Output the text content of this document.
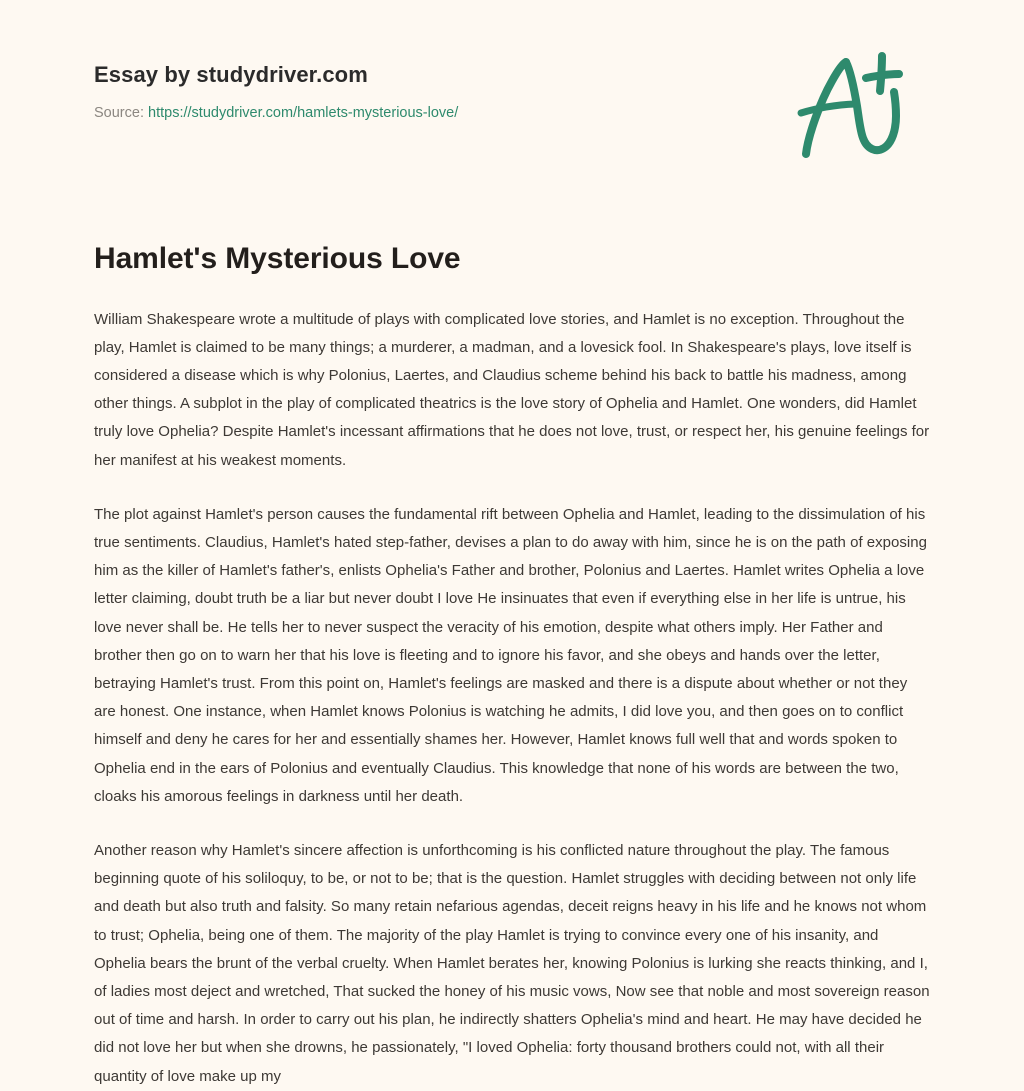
Essay by studydriver.com
Source: https://studydriver.com/hamlets-mysterious-love/
Hamlet's Mysterious Love

William Shakespeare wrote a multitude of plays with complicated love stories, and Hamlet is no exception. Throughout the play, Hamlet is claimed to be many things; a murderer, a madman, and a lovesick fool. In Shakespeare's plays, love itself is considered a disease which is why Polonius, Laertes, and Claudius scheme behind his back to battle his madness, among other things. A subplot in the play of complicated theatrics is the love story of Ophelia and Hamlet. One wonders, did Hamlet truly love Ophelia? Despite Hamlet's incessant affirmations that he does not love, trust, or respect her, his genuine feelings for her manifest at his weakest moments.

The plot against Hamlet's person causes the fundamental rift between Ophelia and Hamlet, leading to the dissimulation of his true sentiments. Claudius, Hamlet's hated step-father, devises a plan to do away with him, since he is on the path of exposing him as the killer of Hamlet's father's, enlists Ophelia's Father and brother, Polonius and Laertes. Hamlet writes Ophelia a love letter claiming, doubt truth be a liar but never doubt I love He insinuates that even if everything else in her life is untrue, his love never shall be. He tells her to never suspect the veracity of his emotion, despite what others imply. Her Father and brother then go on to warn her that his love is fleeting and to ignore his favor, and she obeys and hands over the letter, betraying Hamlet's trust. From this point on, Hamlet's feelings are masked and there is a dispute about whether or not they are honest. One instance, when Hamlet knows Polonius is watching he admits, I did love you, and then goes on to conflict himself and deny he cares for her and essentially shames her. However, Hamlet knows full well that and words spoken to Ophelia end in the ears of Polonius and eventually Claudius. This knowledge that none of his words are between the two, cloaks his amorous feelings in darkness until her death.

Another reason why Hamlet's sincere affection is unforthcoming is his conflicted nature throughout the play. The famous beginning quote of his soliloquy, to be, or not to be; that is the question. Hamlet struggles with deciding between not only life and death but also truth and falsity. So many retain nefarious agendas, deceit reigns heavy in his life and he knows not whom to trust; Ophelia, being one of them. The majority of the play Hamlet is trying to convince every one of his insanity, and Ophelia bears the brunt of the verbal cruelty. When Hamlet berates her, knowing Polonius is lurking she reacts thinking, and I, of ladies most deject and wretched, That sucked the honey of his music vows, Now see that noble and most sovereign reason out of time and harsh. In order to carry out his plan, he indirectly shatters Ophelia's mind and heart. He may have decided he did not love her but when she drowns, he passionately, "I loved Ophelia: forty thousand brothers could not, with all their quantity of love make up my
